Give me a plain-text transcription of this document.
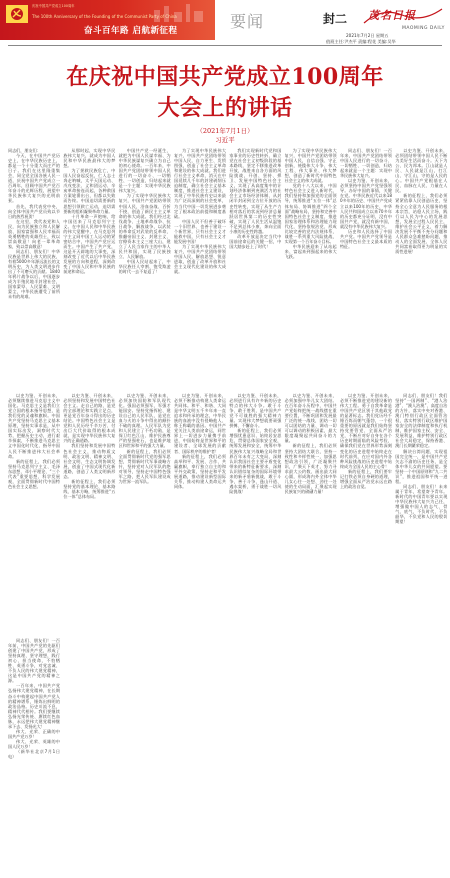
庆祝中国共产党成立100周年
The 100th Anniversary of the Founding of the Communist Party of China
奋斗百年路 启航新征程	要闻	封二 茂名日报
MAOMING DAILY
2021年7月2日 星期五
值班主任:尹杰平 责编:程花 美编:吴华
在庆祝中国共产党成立100周年
大会上的讲话
（2021年7月1日）
习近平

同志们，朋友们：

今天，在中国共产党历史上，在中华民族历史上，都是一个十分重大而庄严的日子。我们在这里隆重集会，同全党全国各族人民一道，庆祝中国共产党成立一百周年，回顾中国共产党百年奋斗的光辉历程，展望中华民族伟大复兴的光明前景。

首先，我代表党中央，向全体中国共产党员致以节日的热烈祝贺！

在这里，我代表党和人民，向为民族独立和人民解放、国家富强和人民幸福而英勇牺牲的英雄烈士，致以崇高敬意！向老一辈革命家，致以崇高敬意！

同志们、朋友们！中华民族是世界上伟大的民族，有着5000多年源远流长的文明历史，为人类文明进步作出了不可磨灭的贡献。1840年鸦片战争以后，中国逐步成为半殖民地半封建社会，国家蒙辱、人民蒙难、文明蒙尘，中华民族遭受了前所未有的劫难。

从那时起，实现中华民族伟大复兴，就成为中国人民和中华民族最伟大的梦想。

为了拯救民族危亡，中国人民奋起反抗，仁人志士奔走呐喊，太平天国运动、戊戌变法、义和团运动、辛亥革命接连而起，各种救国方案轮番出台，但都以失败而告终。中国迫切需要新的思想引领救亡运动，迫切需要新的组织凝聚革命力量。

十月革命一声炮响，给中国送来了马克思列宁主义。在中国人民和中华民族的伟大觉醒中，在马克思列宁主义同中国工人运动的紧密结合中，中国共产党应运而生。中国产生了共产党，这是开天辟地的大事变，深刻改变了近代以后中华民族发展的方向和进程，深刻改变了中国人民和中华民族的前途和命运。

中国共产党一经诞生，就把为中国人民谋幸福、为中华民族谋复兴确立为自己的初心使命。一百年来，中国共产党团结带领中国人民进行的一切奋斗、一切牺牲、一切创造，归结起来就是一个主题：实现中华民族伟大复兴。

为了实现中华民族伟大复兴，中国共产党团结带领中国人民，浴血奋战、百折不挠，创造了新民主主义革命的伟大成就。我们经过北伐战争、土地革命战争、抗日战争、解放战争，以武装的革命反对武装的反革命，推翻帝国主义、封建主义、官僚资本主义三座大山，建立了人民当家作主的中华人民共和国，实现了民族独立、人民解放。

中国人民站起来了，中华民族任人宰割、饱受欺凌的时代一去不复返了！

为了实现中华民族伟大复兴，中国共产党团结带领中国人民，自力更生、发愤图强，创造了社会主义革命和建设的伟大成就。我们进行社会主义革命，消灭在中国延续几千年的封建剥削压迫制度，确立社会主义基本制度，推进社会主义建设，实现了中华民族有史以来最为广泛而深刻的社会变革，为当代中国一切发展进步奠定了根本政治前提和制度基础。

中国人民不但善于破坏一个旧世界、也善于建设一个新世界，只有社会主义才能救中国，只有社会主义才能发展中国！

为了实现中华民族伟大复兴，中国共产党团结带领中国人民，解放思想、锐意进取，创造了改革开放和社会主义现代化建设的伟大成就。

我们实现新时代党和国家事业的历史性转折，确立党在社会主义初级阶段的基本路线，坚定不移推进改革开放，战胜来自各方面的风险挑战，开创、坚持、捍卫、发展中国特色社会主义，实现了从高度集中的计划经济体制到充满活力的社会主义市场经济体制、从封闭半封闭到全方位开放的历史性转变，实现了从生产力相对落后的状况到经济总量跃居世界第二的历史性突破，实现了人民生活从温饱不足到总体小康、奔向全面小康的历史性跨越。

改革开放是决定当代中国前途命运的关键一招，中国大踏步赶上了时代！

为了实现中华民族伟大复兴，中国共产党团结带领中国人民，自信自强、守正创新，统揽伟大斗争、伟大工程、伟大事业、伟大梦想，创造了新时代中国特色社会主义的伟大成就。

党的十八大以来，中国特色社会主义进入新时代，我们坚持和加强党的全面领导，统筹推进“五位一体”总体布局、协调推进“四个全面”战略布局，坚持和完善中国特色社会主义制度、推进国家治理体系和治理能力现代化，坚持依规治党、形成比较完善的党内法规体系，战胜一系列重大风险挑战，实现第一个百年奋斗目标。

中华民族迎来了从站起来、富起来到强起来的伟大飞跃。

同志们、朋友们！一百年来，中国共产党团结带领中国人民进行的一切奋斗、一切牺牲、一切创造，归结起来就是一个主题：实现中华民族伟大复兴。

以史为鉴、开创未来，必须坚持中国共产党坚强领导。办好中国的事情，关键在党。中华民族近代以来180多年的历史、中国共产党成立以来100年的历史、中华人民共和国成立以来70多年的历史都充分证明，没有中国共产党，就没有新中国，就没有中华民族伟大复兴。

历史和人民选择了中国共产党。中国共产党领导是中国特色社会主义最本质的特征。

以史为鉴、开创未来，必须团结带领中国人民不断为美好生活而奋斗。天下为公、民为邦本。江山就是人民、人民就是江山，打江山、守江山，守的是人民的心。中国共产党根基在人民、血脉在人民、力量在人民。

新的征程上，我们必须紧紧依靠人民创造历史，坚持全心全意为人民服务的根本宗旨，站稳人民立场，践行以人民为中心的发展思想，发展全过程人民民主，维护社会公平正义，着力解决发展不平衡不充分问题和人民群众急难愁盼问题，推动人的全面发展、全体人民共同富裕取得更为明显的实质性进展！

以史为鉴、开创未来，必须继续推进马克思主义中国化。马克思主义是我们立党立国的根本指导思想，是我们党的灵魂和旗帜。中国共产党坚持马克思主义基本原理，坚持实事求是，从中国实际出发，洞察时代大势，把握历史主动，进行艰辛探索，不断推进马克思主义中国化时代化，指导中国人民不断推进伟大社会革命。

新的征程上，我们必须坚持马克思列宁主义、毛泽东思想、邓小平理论、“三个代表”重要思想、科学发展观，全面贯彻新时代中国特色社会主义思想。

以史为鉴、开创未来，必须坚持和发展中国特色社会主义。走自己的路，是党的全部理论和实践立足点，更是党百年奋斗得出的历史结论。中国特色社会主义是党和人民历经千辛万苦、付出巨大代价取得的根本成就，是实现中华民族伟大复兴的正确道路。

我们坚持和发展中国特色社会主义，推动物质文明、政治文明、精神文明、社会文明、生态文明协调发展，创造了中国式现代化新道路，创造了人类文明新形态。

新的征程上，我们必须坚持党的基本理论、基本路线、基本方略，统筹推进“五位一体”总体布局。

以史为鉴、开创未来，必须加快国防和军队现代化。强国必须强军，军强才能国安。坚持党指挥枪、建设自己的人民军队，是党在血与火的斗争中得出的颠扑不破的真理。人民军队为党和人民建立了不朽功勋，是保卫红色江山、维护民族尊严的坚强柱石，也是维护地区和世界和平的强大力量。

新的征程上，我们必须全面贯彻新时代党的强军思想，贯彻新时代军事战略方针，坚持党对人民军队的绝对领导，坚持走中国特色强军之路，把人民军队建设成为世界一流军队。

以史为鉴、开创未来，必须不断推动构建人类命运共同体。和平、和谐、大同是中华文明五千多年来一直追求和传承的理念，中华民族的血液中没有侵略他人、称王称霸的基因。中国共产党关注人类前途命运，同世界上一切进步力量携手前进，中国始终是世界和平的建设者、全球发展的贡献者、国际秩序的维护者！

新的征程上，我们必须高举和平、发展、合作、共赢旗帜，奉行独立自主的和平外交政策，坚持走和平发展道路，推动建设新型国际关系，推动构建人类命运共同体。

以史为鉴、开创未来，必须进行具有许多新的历史特点的伟大斗争。敢于斗争、敢于胜利，是中国共产党不可战胜的强大精神力量。实现伟大梦想就要顽强拼搏、不懈奋斗。

新的征程上，我们必须增强忧患意识、始终居安思危，贯彻总体国家安全观，统筹发展和安全，统筹中华民族伟大复兴战略全局和世界百年未有之大变局，深刻认识我国社会主要矛盾变化带来的新特征新要求，深刻认识错综复杂的国际环境带来的新矛盾新挑战，敢于斗争，善于斗争，逢山开道、遇水架桥，勇于战胜一切风险挑战！

以史为鉴、开创未来，必须加强中华儿女大团结。在百年奋斗历程中，中国共产党始终把统一战线摆在重要位置，不断巩固和发展最广泛的统一战线，团结一切可以团结的力量、调动一切可以调动的积极因素，最大限度凝聚起共同奋斗的力量。

新的征程上，我们必须坚持大团结大联合，坚持一致性和多样性统一，加强思想政治引领，广泛凝聚共识，广聚天下英才，努力寻求最大公约数、画出最大同心圆，形成海内外全体中华儿女心往一处想、劲往一处使的生动局面，汇聚起实现民族复兴的磅礴力量！

以史为鉴、开创未来，必须不断推进党的建设新的伟大工程。勇于自我革命是中国共产党区别于其他政党的显著标志。我们党历经千锤百炼而朝气蓬勃，一个很重要的原因就是我们始终坚持党要管党、全面从严治党，不断应对好自身在各个历史时期面临的风险考验，确保我们党在世界形势深刻变化的历史进程中始终走在时代前列，在应对国内外各种风险挑战的历史进程中始终成为全国人民的主心骨！

新的征程上，我们要牢记打铁必须自身硬的道理，增强全面从严治党永远在路上的政治自觉。

同志们、朋友们！我们坚持“一国两制”、“港人治港”、“澳人治澳”、高度自治的方针，落实中央对香港、澳门特别行政区全面管治权，落实特别行政区维护国家安全的法律制度和执行机制，维护国家主权、安全、发展利益，维护特别行政区社会大局稳定，保持香港、澳门长期繁荣稳定。

解决台湾问题、实现祖国完全统一，是中国共产党矢志不渝的历史任务，是全体中华儿女的共同愿望。要坚持一个中国原则和“九二共识”，推进祖国和平统一进程。

同志们、朋友们！未来属于青年，希望寄予青年。新时代的中国青年要以实现中华民族伟大复兴为己任，增强做中国人的志气、骨气、底气，不负时代，不负韶华，不负党和人民的殷切期望！

同志们、朋友们！一百年前，中国共产党的先驱们创建了中国共产党，形成了坚持真理、坚守理想，践行初心、担当使命，不怕牺牲、英勇斗争，对党忠诚、不负人民的伟大建党精神，这是中国共产党的精神之源。

一百年来，中国共产党弘扬伟大建党精神，在长期奋斗中构建起中国共产党人的精神谱系，锤炼出鲜明的政治品格。历史川流不息，精神代代相传。我们要继续弘扬光荣传统、赓续红色血脉，永远把伟大建党精神继承下去、发扬光大！

伟大、光荣、正确的中国共产党万岁！

伟大、光荣、英雄的中国人民万岁！

（新华社北京7月1日电）
